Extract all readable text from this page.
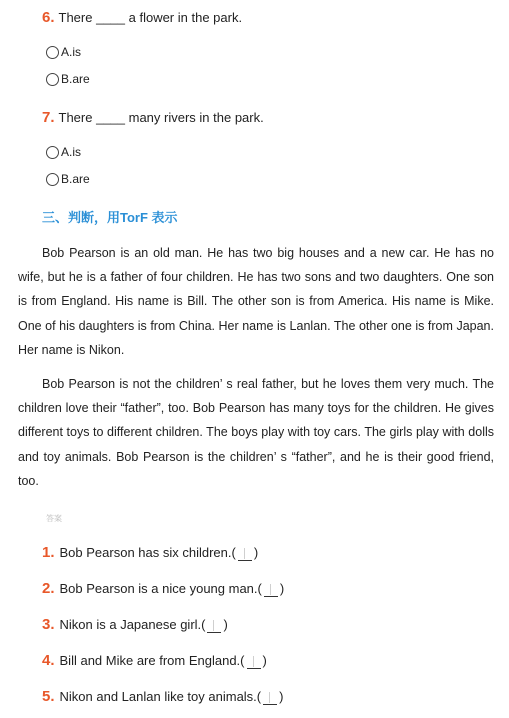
6. There ____ a flower in the park.
A.is
B.are
7. There ____ many rivers in the park.
A.is
B.are
三、判断，用TorF 表示
Bob Pearson is an old man. He has two big houses and a new car. He has no wife, but he is a father of four children. He has two sons and two daughters. One son is from England. His name is Bill. The other son is from America. His name is Mike. One of his daughters is from China. Her name is Lanlan. The other one is from Japan. Her name is Nikon.
Bob Pearson is not the children’ s real father, but he loves them very much. The children love their “father”, too. Bob Pearson has many toys for the children. He gives different toys to different children. The boys play with toy cars. The girls play with dolls and toy animals. Bob Pearson is the children’ s “father”, and he is their good friend, too.
答案
1. Bob Pearson has six children.( )
2. Bob Pearson is a nice young man.( )
3. Nikon is a Japanese girl.( )
4. Bill and Mike are from England.( )
5. Nikon and Lanlan like toy animals.( )
